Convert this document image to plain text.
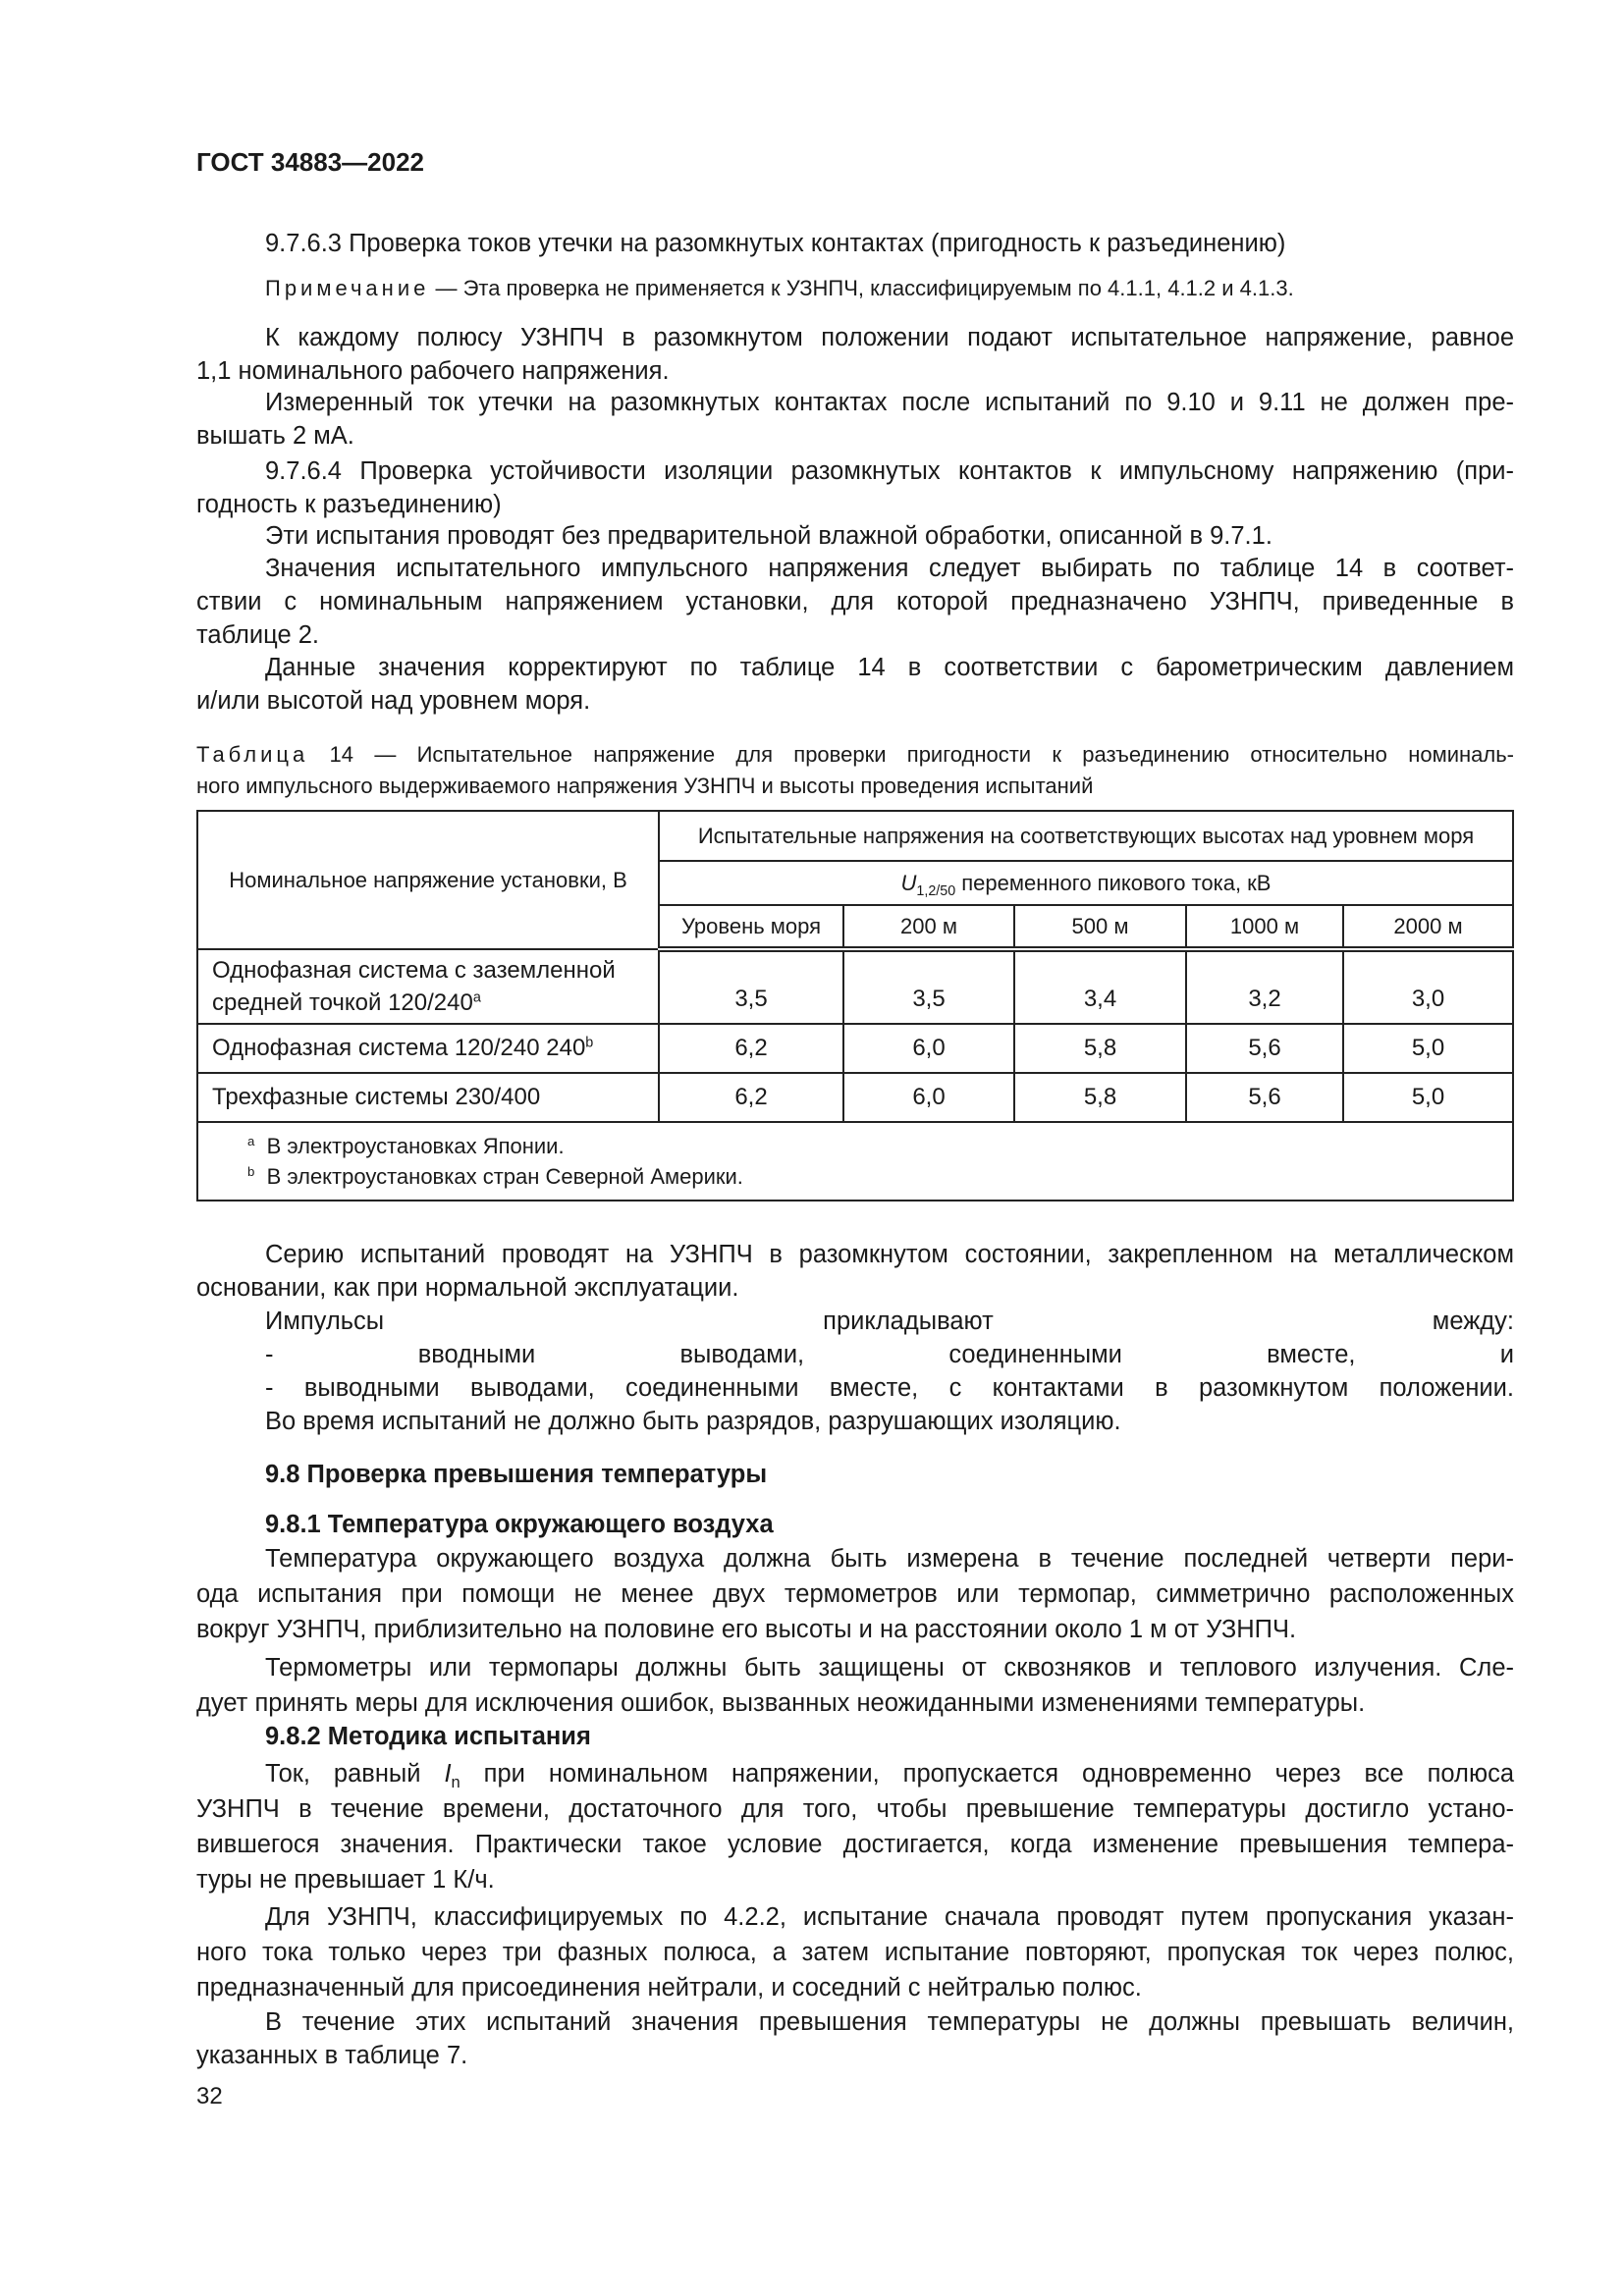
ГОСТ 34883—2022
9.7.6.3 Проверка токов утечки на разомкнутых контактах (пригодность к разъединению)
Примечание — Эта проверка не применяется к УЗНПЧ, классифицируемым по 4.1.1, 4.1.2 и 4.1.3.
К каждому полюсу УЗНПЧ в разомкнутом положении подают испытательное напряжение, равное
1,1 номинального рабочего напряжения.
Измеренный ток утечки на разомкнутых контактах после испытаний по 9.10 и 9.11 не должен пре-
вышать 2 мА.
9.7.6.4 Проверка устойчивости изоляции разомкнутых контактов к импульсному напряжению (при-
годность к разъединению)
Эти испытания проводят без предварительной влажной обработки, описанной в 9.7.1.
Значения испытательного импульсного напряжения следует выбирать по таблице 14 в соответ-
ствии с номинальным напряжением установки, для которой предназначено УЗНПЧ, приведенные в
таблице 2.
Данные значения корректируют по таблице 14 в соответствии с барометрическим давлением
и/или высотой над уровнем моря.
Таблица 14 — Испытательное напряжение для проверки пригодности к разъединению относительно номиналь-
ного импульсного выдерживаемого напряжения УЗНПЧ и высоты проведения испытаний
Серию испытаний проводят на УЗНПЧ в разомкнутом состоянии, закрепленном на металлическом
основании, как при нормальной эксплуатации.
Импульсы прикладывают между:
- вводными выводами, соединенными вместе, и
- выводными выводами, соединенными вместе, с контактами в разомкнутом положении.
Во время испытаний не должно быть разрядов, разрушающих изоляцию.
9.8 Проверка превышения температуры
9.8.1 Температура окружающего воздуха
Температура окружающего воздуха должна быть измерена в течение последней четверти пери-
ода испытания при помощи не менее двух термометров или термопар, симметрично расположенных
вокруг УЗНПЧ, приблизительно на половине его высоты и на расстоянии около 1 м от УЗНПЧ.
Термометры или термопары должны быть защищены от сквозняков и теплового излучения. Сле-
дует принять меры для исключения ошибок, вызванных неожиданными изменениями температуры.
9.8.2 Методика испытания
Ток, равный $I_n$ при номинальном напряжении, пропускается одновременно через все полюса
УЗНПЧ в течение времени, достаточного для того, чтобы превышение температуры достигло устано-
вившегося значения. Практически такое условие достигается, когда изменение превышения темпера-
туры не превышает 1 К/ч.
Для УЗНПЧ, классифицируемых по 4.2.2, испытание сначала проводят путем пропускания указан-
ного тока только через три фазных полюса, а затем испытание повторяют, пропуская ток через полюс,
предназначенный для присоединения нейтрали, и соседний с нейтралью полюс.
В течение этих испытаний значения превышения температуры не должны превышать величин,
указанных в таблице 7.
Номинальное напряжение установки, В	Испытательные напряжения на соответствующих высотах над уровнем моря				
	$U_{1,2/50}$ переменного пикового тока, кВ				
	Уровень моря	200 м	500 м	1000 м	2000 м
Однофазная система с заземленной
средней точкой 120/240$^a$	3,5	3,5	3,4	3,2	3,0
Однофазная система 120/240 240$^b$	6,2	6,0	5,8	5,6	5,0
Трехфазные системы 230/400	6,2	6,0	5,8	5,6	5,0

$^a$ В электроустановках Японии.
$^b$ В электроустановках стран Северной Америки.					
32
